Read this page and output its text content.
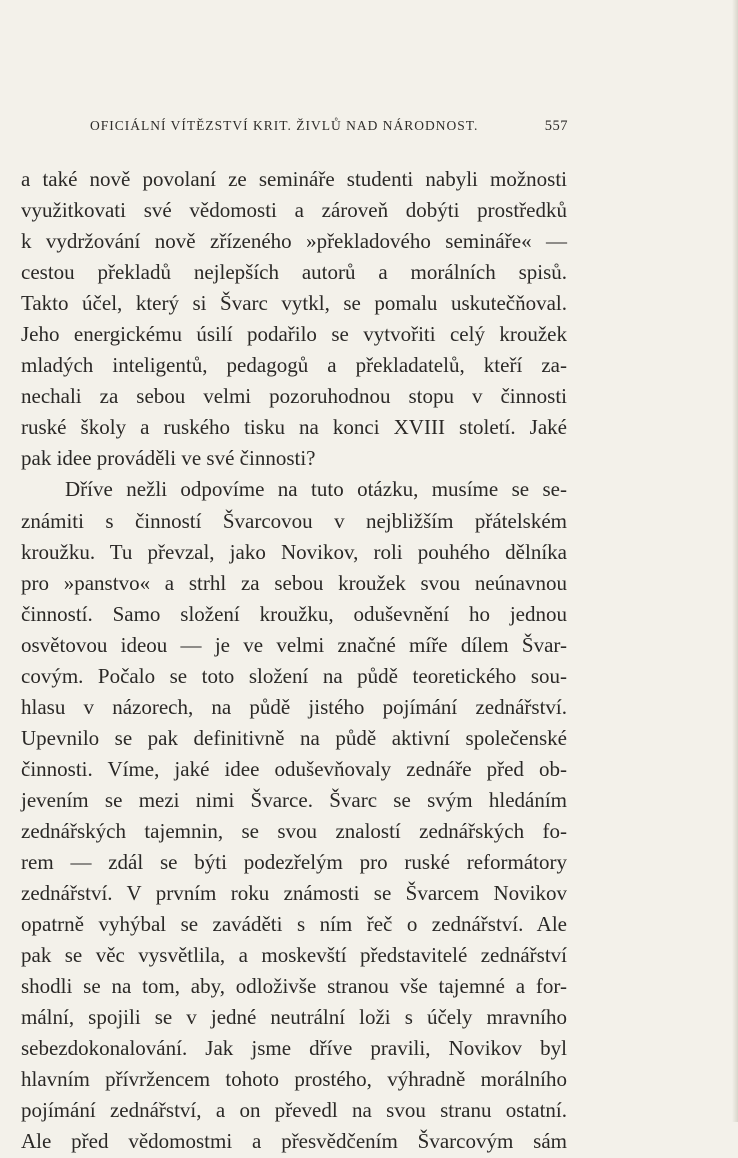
OFICIÁLNÍ VÍTĚZSTVÍ KRIT. ŽIVLŮ NAD NÁRODNOST.	557
a také nově povolaní ze semináře studenti nabyli možnosti
využitkovati své vědomosti a zároveň dobýti prostředků
k vydržování nově zřízeného »překladového semináře« —
cestou překladů nejlepších autorů a morálních spisů.
Takto účel, který si Švarc vytkl, se pomalu uskutečňoval.
Jeho energickému úsilí podařilo se vytvořiti celý kroužek
mladých inteligentů, pedagogů a překladatelů, kteří za-
nechali za sebou velmi pozoruhodnou stopu v činnosti
ruské školy a ruského tisku na konci XVIII století. Jaké
pak idee prováděli ve své činnosti?
Dříve nežli odpovíme na tuto otázku, musíme se se-
známiti s činností Švarcovou v nejbližším přátelském
kroužku. Tu převzal, jako Novikov, roli pouhého dělníka
pro »panstvo« a strhl za sebou kroužek svou neúnavnou
činností. Samo složení kroužku, oduševnění ho jednou
osvětovou ideou — je ve velmi značné míře dílem Švar-
covým. Počalo se toto složení na půdě teoretického sou-
hlasu v názorech, na půdě jistého pojímání zednářství.
Upevnilo se pak definitivně na půdě aktivní společenské
činnosti. Víme, jaké idee oduševňovaly zednáře před ob-
jevením se mezi nimi Švarce. Švarc se svým hledáním
zednářských tajemnin, se svou znalostí zednářských fo-
rem — zdál se býti podezřelým pro ruské reformátory
zednářství. V prvním roku známosti se Švarcem Novikov
opatrně vyhýbal se zaváděti s ním řeč o zednářství. Ale
pak se věc vysvětlila, a moskevští představitelé zednářství
shodli se na tom, aby, odloživše stranou vše tajemné a for-
mální, spojili se v jedné neutrální loži s účely mravního
sebezdokonalování. Jak jsme dříve pravili, Novikov byl
hlavním přívržencem tohoto prostého, výhradně morálního
pojímání zednářství, a on převedl na svou stranu ostatní.
Ale před vědomostmi a přesvědčením Švarcovým sám
